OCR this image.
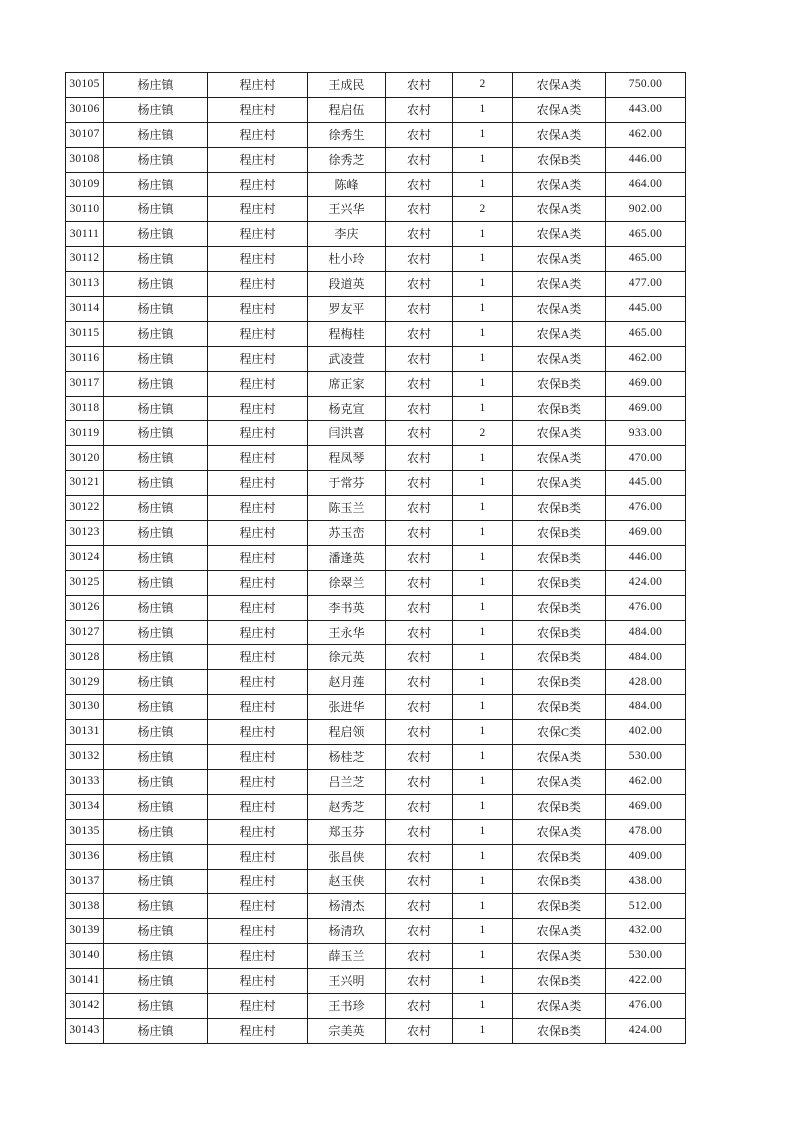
30105	杨庄镇	程庄村	王成民	农村	2	农保A类	750.00
30106	杨庄镇	程庄村	程启伍	农村	1	农保A类	443.00
30107	杨庄镇	程庄村	徐秀生	农村	1	农保A类	462.00
30108	杨庄镇	程庄村	徐秀芝	农村	1	农保B类	446.00
30109	杨庄镇	程庄村	陈峰	农村	1	农保A类	464.00
30110	杨庄镇	程庄村	王兴华	农村	2	农保A类	902.00
30111	杨庄镇	程庄村	李庆	农村	1	农保A类	465.00
30112	杨庄镇	程庄村	杜小玲	农村	1	农保A类	465.00
30113	杨庄镇	程庄村	段道英	农村	1	农保A类	477.00
30114	杨庄镇	程庄村	罗友平	农村	1	农保A类	445.00
30115	杨庄镇	程庄村	程梅桂	农村	1	农保A类	465.00
30116	杨庄镇	程庄村	武凌萱	农村	1	农保A类	462.00
30117	杨庄镇	程庄村	席正家	农村	1	农保B类	469.00
30118	杨庄镇	程庄村	杨克宣	农村	1	农保B类	469.00
30119	杨庄镇	程庄村	闫洪喜	农村	2	农保A类	933.00
30120	杨庄镇	程庄村	程凤琴	农村	1	农保A类	470.00
30121	杨庄镇	程庄村	于常芬	农村	1	农保A类	445.00
30122	杨庄镇	程庄村	陈玉兰	农村	1	农保B类	476.00
30123	杨庄镇	程庄村	苏玉峦	农村	1	农保B类	469.00
30124	杨庄镇	程庄村	潘逢英	农村	1	农保B类	446.00
30125	杨庄镇	程庄村	徐翠兰	农村	1	农保B类	424.00
30126	杨庄镇	程庄村	李书英	农村	1	农保B类	476.00
30127	杨庄镇	程庄村	王永华	农村	1	农保B类	484.00
30128	杨庄镇	程庄村	徐元英	农村	1	农保B类	484.00
30129	杨庄镇	程庄村	赵月莲	农村	1	农保B类	428.00
30130	杨庄镇	程庄村	张进华	农村	1	农保B类	484.00
30131	杨庄镇	程庄村	程启领	农村	1	农保C类	402.00
30132	杨庄镇	程庄村	杨桂芝	农村	1	农保A类	530.00
30133	杨庄镇	程庄村	吕兰芝	农村	1	农保A类	462.00
30134	杨庄镇	程庄村	赵秀芝	农村	1	农保B类	469.00
30135	杨庄镇	程庄村	郑玉芬	农村	1	农保A类	478.00
30136	杨庄镇	程庄村	张昌侠	农村	1	农保B类	409.00
30137	杨庄镇	程庄村	赵玉侠	农村	1	农保B类	438.00
30138	杨庄镇	程庄村	杨清杰	农村	1	农保B类	512.00
30139	杨庄镇	程庄村	杨清玖	农村	1	农保A类	432.00
30140	杨庄镇	程庄村	薛玉兰	农村	1	农保A类	530.00
30141	杨庄镇	程庄村	王兴明	农村	1	农保B类	422.00
30142	杨庄镇	程庄村	王书珍	农村	1	农保A类	476.00
30143	杨庄镇	程庄村	宗美英	农村	1	农保B类	424.00
